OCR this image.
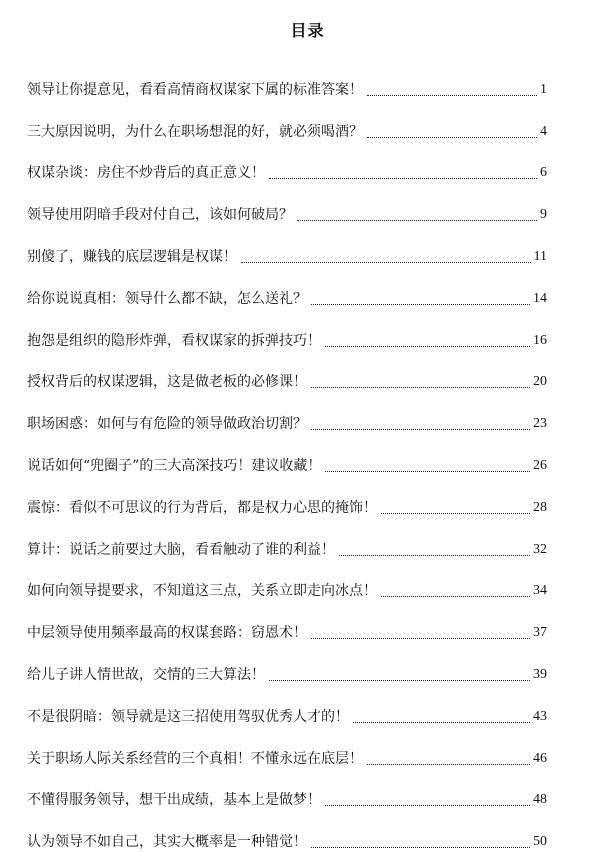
目录
领导让你提意见，看看高情商权谋家下属的标准答案！	1
三大原因说明，为什么在职场想混的好，就必须喝酒？	4
权谋杂谈：房住不炒背后的真正意义！	6
领导使用阴暗手段对付自己，该如何破局？	9
别傻了，赚钱的底层逻辑是权谋！	11
给你说说真相：领导什么都不缺，怎么送礼？	14
抱怨是组织的隐形炸弹，看权谋家的拆弹技巧！	16
授权背后的权谋逻辑，这是做老板的必修课！	20
职场困惑：如何与有危险的领导做政治切割？	23
说话如何“兜圈子”的三大高深技巧！建议收藏！	26
震惊：看似不可思议的行为背后，都是权力心思的掩饰！	28
算计：说话之前要过大脑，看看触动了谁的利益！	32
如何向领导提要求，不知道这三点，关系立即走向冰点！	34
中层领导使用频率最高的权谋套路：窃恩术！	37
给儿子讲人情世故，交情的三大算法！	39
不是很阴暗：领导就是这三招使用驾驭优秀人才的！	43
关于职场人际关系经营的三个真相！不懂永远在底层！	46
不懂得服务领导，想干出成绩，基本上是做梦！	48
认为领导不如自己，其实大概率是一种错觉！	50
